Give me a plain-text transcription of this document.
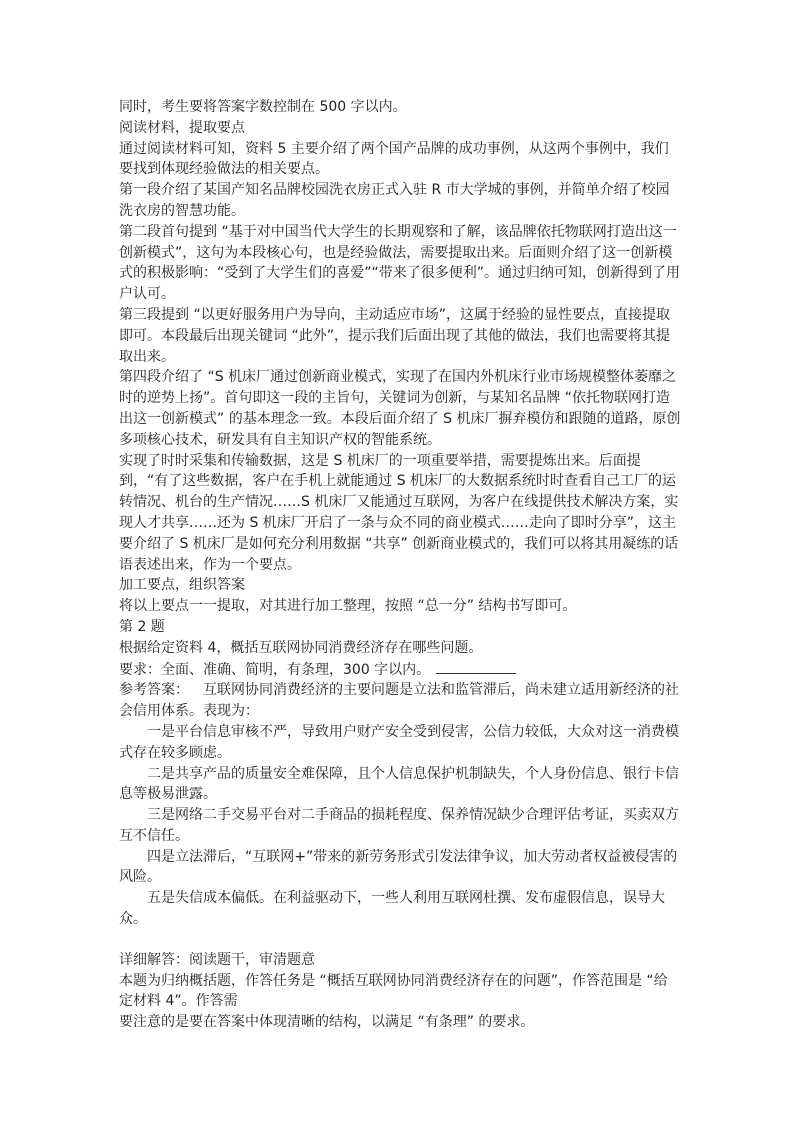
同时，考生要将答案字数控制在 500 字以内。

阅读材料，提取要点

通过阅读材料可知，资料 5 主要介绍了两个国产品牌的成功事例，从这两个事例中，我们要找到体现经验做法的相关要点。

第一段介绍了某国产知名品牌校园洗衣房正式入驻 R 市大学城的事例，并简单介绍了校园洗衣房的智慧功能。

第二段首句提到 “基于对中国当代大学生的长期观察和了解，该品牌依托物联网打造出这一创新模式”，这句为本段核心句，也是经验做法，需要提取出来。后面则介绍了这一创新模式的积极影响：“受到了大学生们的喜爱”“带来了很多便利”。通过归纳可知，创新得到了用户认可。

第三段提到 “以更好服务用户为导向，主动适应市场”，这属于经验的显性要点，直接提取即可。本段最后出现关键词 “此外”，提示我们后面出现了其他的做法，我们也需要将其提取出来。

第四段介绍了 “S 机床厂通过创新商业模式，实现了在国内外机床行业市场规模整体萎靡之时的逆势上扬”。首句即这一段的主旨句，关键词为创新，与某知名品牌 “依托物联网打造出这一创新模式” 的基本理念一致。本段后面介绍了 S 机床厂摒弃模仿和跟随的道路，原创多项核心技术，研发具有自主知识产权的智能系统。

实现了时时采集和传输数据，这是 S 机床厂的一项重要举措，需要提炼出来。后面提到，“有了这些数据，客户在手机上就能通过 S 机床厂的大数据系统时时查看自己工厂的运转情况、机台的生产情况……S 机床厂又能通过互联网，为客户在线提供技术解决方案，实现人才共享……还为 S 机床厂开启了一条与众不同的商业模式……走向了即时分享”，这主要介绍了 S 机床厂是如何充分利用数据 “共享” 创新商业模式的，我们可以将其用凝练的话语表述出来，作为一个要点。

加工要点，组织答案

将以上要点一一提取，对其进行加工整理，按照 “总一分” 结构书写即可。

第 2 题

根据给定资料 4，概括互联网协同消费经济存在哪些问题。

要求：全面、准确、简明，有条理，300 字以内。

参考答案： 互联网协同消费经济的主要问题是立法和监管滞后，尚未建立适用新经济的社会信用体系。表现为：

一是平台信息审核不严，导致用户财产安全受到侵害，公信力较低，大众对这一消费模式存在较多顾虑。

二是共享产品的质量安全难保障，且个人信息保护机制缺失，个人身份信息、银行卡信息等极易泄露。

三是网络二手交易平台对二手商品的损耗程度、保养情况缺少合理评估考证，买卖双方互不信任。

四是立法滞后，“互联网+”带来的新劳务形式引发法律争议，加大劳动者权益被侵害的风险。

五是失信成本偏低。在利益驱动下，一些人利用互联网杜撰、发布虚假信息，误导大众。

详细解答：阅读题干，审清题意

本题为归纳概括题，作答任务是 “概括互联网协同消费经济存在的问题”，作答范围是 “给定材料 4”。作答需

要注意的是要在答案中体现清晰的结构，以满足 “有条理” 的要求。
